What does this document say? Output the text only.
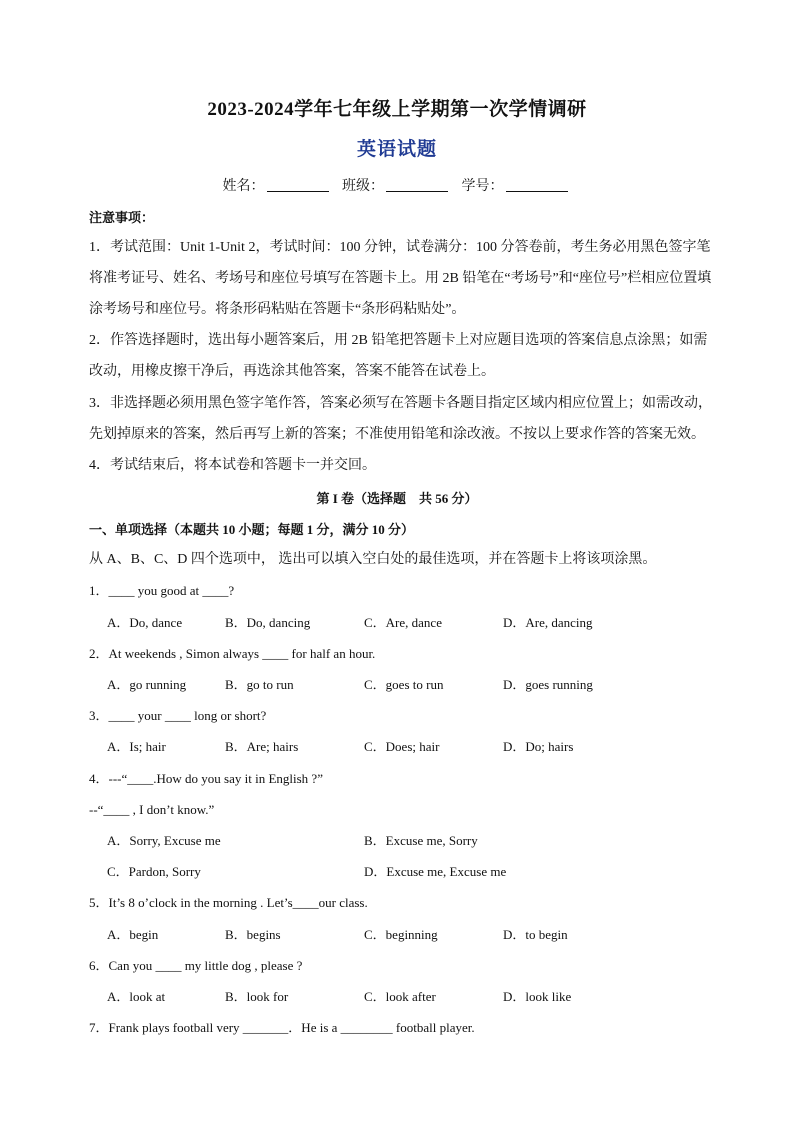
2023-2024学年七年级上学期第一次学情调研
英语试题
姓名：	班级：	学号：
注意事项：
1．考试范围：Unit 1-Unit 2，考试时间：100 分钟，试卷满分：100 分答卷前，考生务必用黑色签字笔
将准考证号、姓名、考场号和座位号填写在答题卡上。用 2B 铅笔在“考场号”和“座位号”栏相应位置填
涂考场号和座位号。将条形码粘贴在答题卡“条形码粘贴处”。
2．作答选择题时，选出每小题答案后，用 2B 铅笔把答题卡上对应题目选项的答案信息点涂黑；如需
改动，用橡皮擦干净后，再选涂其他答案，答案不能答在试卷上。
3．非选择题必须用黑色签字笔作答，答案必须写在答题卡各题目指定区域内相应位置上；如需改动，
先划掉原来的答案，然后再写上新的答案；不准使用铅笔和涂改液。不按以上要求作答的答案无效。
4．考试结束后，将本试卷和答题卡一并交回。
第 I 卷（选择题　共 56 分）
一、单项选择（本题共 10 小题；每题 1 分，满分 10 分）
从 A、B、C、D 四个选项中， 选出可以填入空白处的最佳选项，并在答题卡上将该项涂黑。
1．____ you good at ____?
A．Do, dance	B．Do, dancing	C．Are, dance	D．Are, dancing
2．At weekends , Simon always ____ for half an hour.
A．go running	B．go to run	C．goes to run	D．goes running
3．____ your ____ long or short?
A．Is; hair	B．Are; hairs	C．Does; hair	D．Do; hairs
4．---“____.How do you say it in English ?”
--“____ , I don’t know.”
A．Sorry, Excuse me	B．Excuse me, Sorry
C．Pardon, Sorry	D．Excuse me, Excuse me
5．It’s 8 o’clock in the morning . Let’s____our class.
A．begin	B．begins	C．beginning	D．to begin
6．Can you ____ my little dog , please ?
A．look at	B．look for	C．look after	D．look like
7．Frank plays football very _______．He is a ________ football player.
